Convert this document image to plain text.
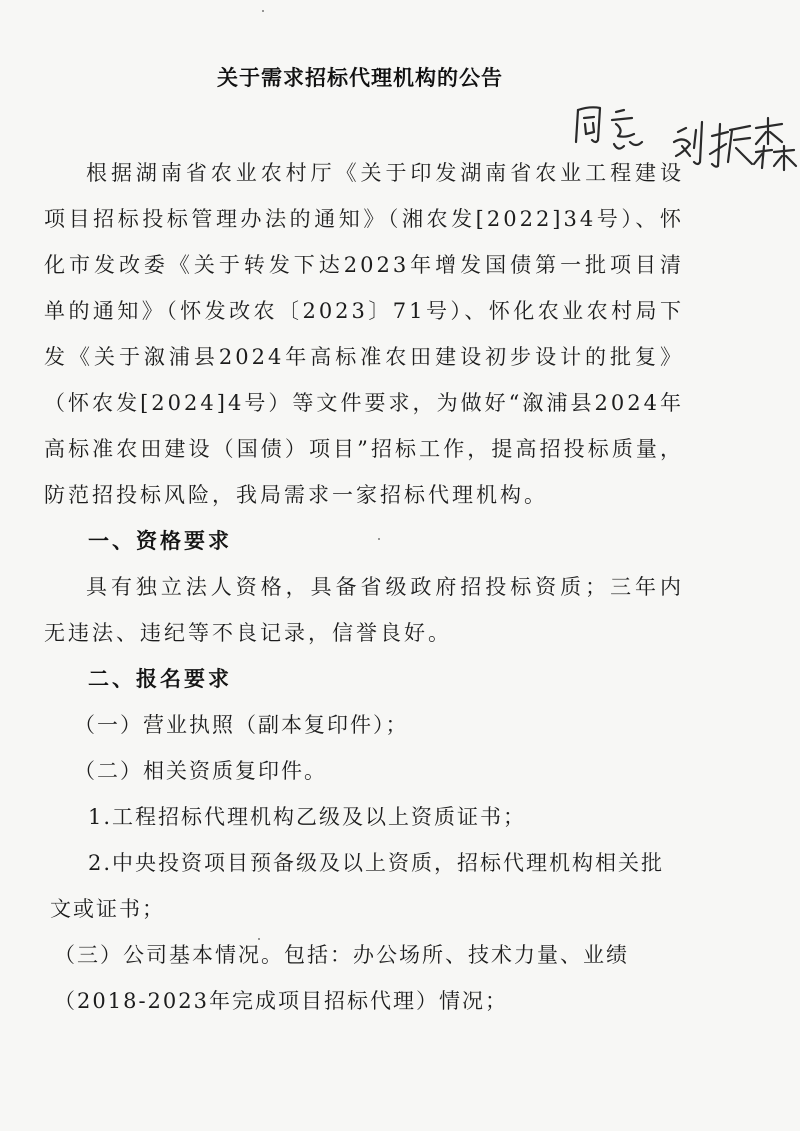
关于需求招标代理机构的公告

根据湖南省农业农村厅《关于印发湖南省农业工程建设项目招标投标管理办法的通知》（湘农发[2022]34号）、怀化市发改委《关于转发下达2023年增发国债第一批项目清单的通知》（怀发改农〔2023〕71号）、怀化农业农村局下发《关于溆浦县2024年高标准农田建设初步设计的批复》（怀农发[2024]4号）等文件要求，为做好“溆浦县2024年高标准农田建设（国债）项目”招标工作，提高招投标质量，防范招投标风险，我局需求一家招标代理机构。

一、资格要求

具有独立法人资格，具备省级政府招投标资质；三年内无违法、违纪等不良记录，信誉良好。

二、报名要求

（一）营业执照（副本复印件）；

（二）相关资质复印件。

1.工程招标代理机构乙级及以上资质证书；

2.中央投资项目预备级及以上资质，招标代理机构相关批
文或证书；

（三）公司基本情况。包括：办公场所、技术力量、业绩
（2018-2023年完成项目招标代理）情况；
